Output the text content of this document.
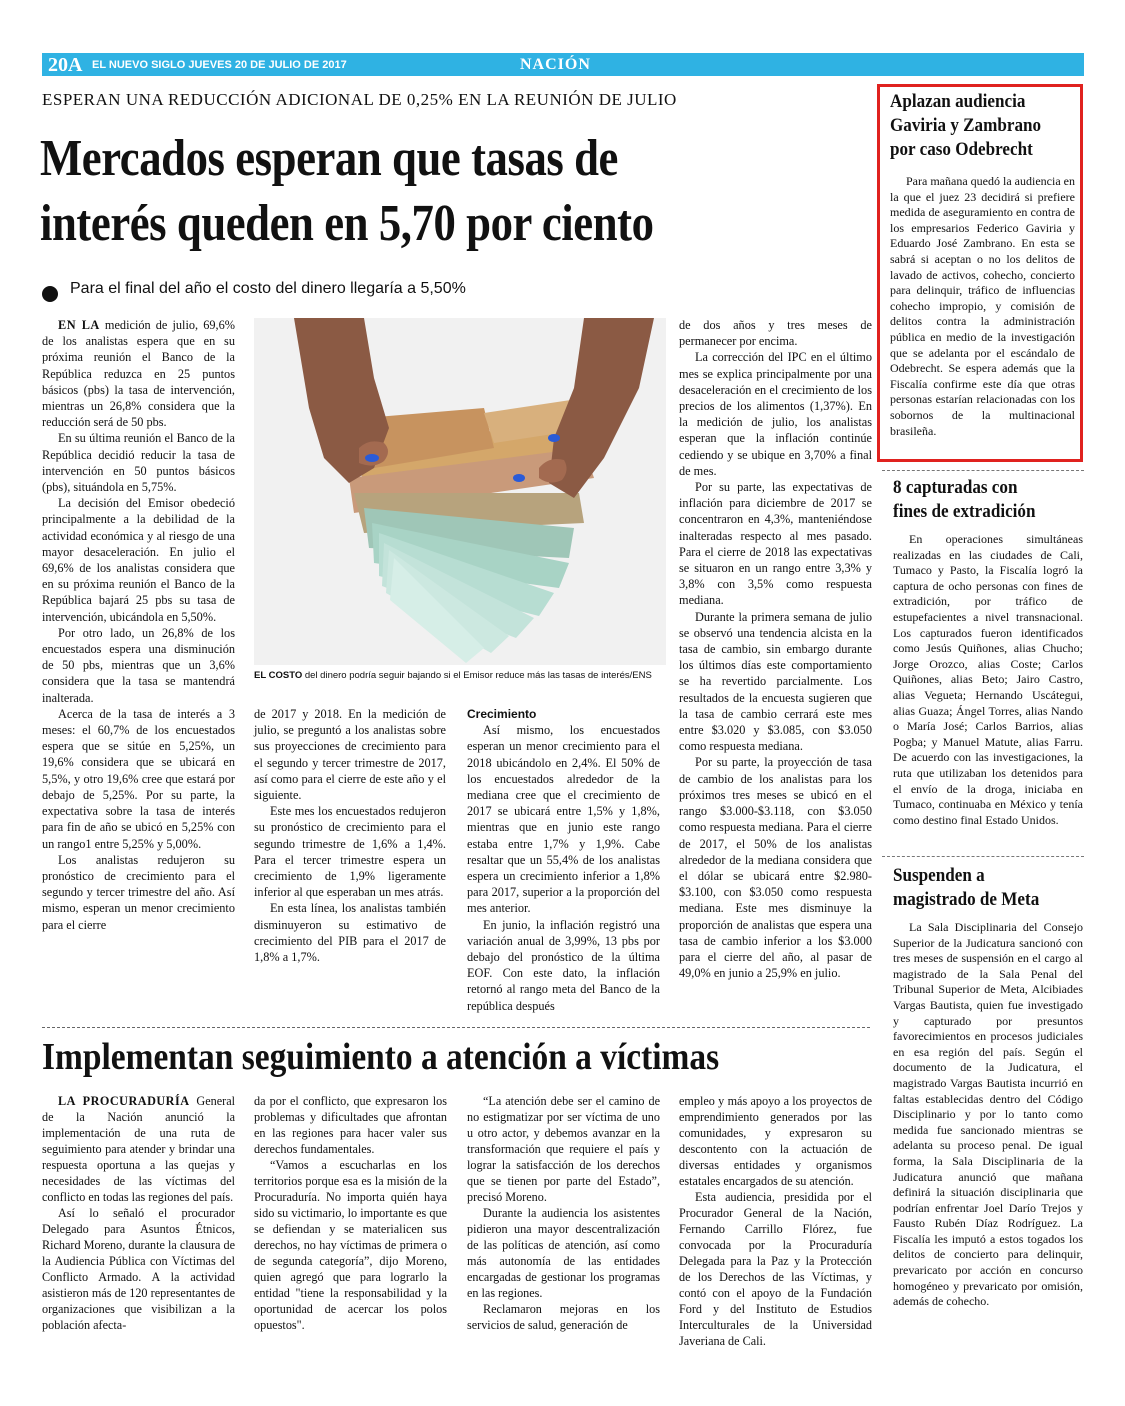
20A EL NUEVO SIGLO JUEVES 20 DE JULIO DE 2017	NACIÓN
ESPERAN UNA REDUCCIÓN ADICIONAL DE 0,25% EN LA REUNIÓN DE JULIO
Mercados esperan que tasas de
interés queden en 5,70 por ciento
Para el final del año el costo del dinero llegaría a 5,50%

EN LA medición de julio, 69,6% de los analistas espera que en su próxima reunión el Banco de la República reduzca en 25 puntos básicos (pbs) la tasa de intervención, mientras un 26,8% considera que la reducción será de 50 pbs.

En su última reunión el Banco de la República decidió reducir la tasa de intervención en 50 puntos básicos (pbs), situándola en 5,75%.

La decisión del Emisor obedeció principalmente a la debilidad de la actividad económica y al riesgo de una mayor desaceleración. En julio el 69,6% de los analistas considera que en su próxima reunión el Banco de la República bajará 25 pbs su tasa de intervención, ubicándola en 5,50%.

Por otro lado, un 26,8% de los encuestados espera una disminución de 50 pbs, mientras que un 3,6% considera que la tasa se mantendrá inalterada.

Acerca de la tasa de interés a 3 meses: el 60,7% de los encuestados espera que se sitúe en 5,25%, un 19,6% considera que se ubicará en 5,5%, y otro 19,6% cree que estará por debajo de 5,25%. Por su parte, la expectativa sobre la tasa de interés para fin de año se ubicó en 5,25% con un rango1 entre 5,25% y 5,00%.

Los analistas redujeron su pronóstico de crecimiento para el segundo y tercer trimestre del año. Así mismo, esperan un menor crecimiento para el cierre

EL COSTO del dinero podría seguir bajando si el Emisor reduce más las tasas de interés/ENS

de 2017 y 2018. En la medición de julio, se preguntó a los analistas sobre sus proyecciones de crecimiento para el segundo y tercer trimestre de 2017, así como para el cierre de este año y el siguiente.

Este mes los encuestados redujeron su pronóstico de crecimiento para el segundo trimestre de 1,6% a 1,4%. Para el tercer trimestre espera un crecimiento de 1,9% ligeramente inferior al que esperaban un mes atrás.

En esta línea, los analistas también disminuyeron su estimativo de crecimiento del PIB para el 2017 de 1,8% a 1,7%.

Crecimiento

Así mismo, los encuestados esperan un menor crecimiento para el 2018 ubicándolo en 2,4%. El 50% de los encuestados alrededor de la mediana cree que el crecimiento de 2017 se ubicará entre 1,5% y 1,8%, mientras que en junio este rango estaba entre 1,7% y 1,9%. Cabe resaltar que un 55,4% de los analistas espera un crecimiento inferior a 1,8% para 2017, superior a la proporción del mes anterior.

En junio, la inflación registró una variación anual de 3,99%, 13 pbs por debajo del pronóstico de la última EOF. Con este dato, la inflación retornó al rango meta del Banco de la república después

de dos años y tres meses de permanecer por encima.

La corrección del IPC en el último mes se explica principalmente por una desaceleración en el crecimiento de los precios de los alimentos (1,37%). En la medición de julio, los analistas esperan que la inflación continúe cediendo y se ubique en 3,70% a final de mes.

Por su parte, las expectativas de inflación para diciembre de 2017 se concentraron en 4,3%, manteniéndose inalteradas respecto al mes pasado. Para el cierre de 2018 las expectativas se situaron en un rango entre 3,3% y 3,8% con 3,5% como respuesta mediana.

Durante la primera semana de julio se observó una tendencia alcista en la tasa de cambio, sin embargo durante los últimos días este comportamiento se ha revertido parcialmente. Los resultados de la encuesta sugieren que la tasa de cambio cerrará este mes entre $3.020 y $3.085, con $3.050 como respuesta mediana.

Por su parte, la proyección de tasa de cambio de los analistas para los próximos tres meses se ubicó en el rango $3.000-$3.118, con $3.050 como respuesta mediana. Para el cierre de 2017, el 50% de los analistas alrededor de la mediana considera que el dólar se ubicará entre $2.980- $3.100, con $3.050 como respuesta mediana. Este mes disminuye la proporción de analistas que espera una tasa de cambio inferior a los $3.000 para el cierre del año, al pasar de 49,0% en junio a 25,9% en julio.

Implementan seguimiento a atención a víctimas

LA PROCURADURÍA General de la Nación anunció la implementación de una ruta de seguimiento para atender y brindar una respuesta oportuna a las quejas y necesidades de las víctimas del conflicto en todas las regiones del país.

Así lo señaló el procurador Delegado para Asuntos Étnicos, Richard Moreno, durante la clausura de la Audiencia Pública con Víctimas del Conflicto Armado. A la actividad asistieron más de 120 representantes de organizaciones que visibilizan a la población afecta-

da por el conflicto, que expresaron los problemas y dificultades que afrontan en las regiones para hacer valer sus derechos fundamentales.

“Vamos a escucharlas en los territorios porque esa es la misión de la Procuraduría. No importa quién haya sido su victimario, lo importante es que se defiendan y se materialicen sus derechos, no hay víctimas de primera o de segunda categoría”, dijo Moreno, quien agregó que para lograrlo la entidad "tiene la responsabilidad y la oportunidad de acercar los polos opuestos".

“La atención debe ser el camino de no estigmatizar por ser víctima de uno u otro actor, y debemos avanzar en la transformación que requiere el país y lograr la satisfacción de los derechos que se tienen por parte del Estado”, precisó Moreno.

Durante la audiencia los asistentes pidieron una mayor descentralización de las políticas de atención, así como más autonomía de las entidades encargadas de gestionar los programas en las regiones.

Reclamaron mejoras en los servicios de salud, generación de

empleo y más apoyo a los proyectos de emprendimiento generados por las comunidades, y expresaron su descontento con la actuación de diversas entidades y organismos estatales encargados de su atención.

Esta audiencia, presidida por el Procurador General de la Nación, Fernando Carrillo Flórez, fue convocada por la Procuraduría Delegada para la Paz y la Protección de los Derechos de las Víctimas, y contó con el apoyo de la Fundación Ford y del Instituto de Estudios Interculturales de la Universidad Javeriana de Cali.

Aplazan audiencia
Gaviria y Zambrano
por caso Odebrecht

Para mañana quedó la audiencia en la que el juez 23 decidirá si prefiere medida de aseguramiento en contra de los empresarios Federico Gaviria y Eduardo José Zambrano. En esta se sabrá si aceptan o no los delitos de lavado de activos, cohecho, concierto para delinquir, tráfico de influencias cohecho impropio, y comisión de delitos contra la administración pública en medio de la investigación que se adelanta por el escándalo de Odebrecht. Se espera además que la Fiscalía confirme este día que otras personas estarían relacionadas con los sobornos de la multinacional brasileña.

8 capturadas con
fines de extradición

En operaciones simultáneas realizadas en las ciudades de Cali, Tumaco y Pasto, la Fiscalía logró la captura de ocho personas con fines de extradición, por tráfico de estupefacientes a nivel transnacional. Los capturados fueron identificados como Jesús Quiñones, alias Chucho; Jorge Orozco, alias Coste; Carlos Quiñones, alias Beto; Jairo Castro, alias Vegueta; Hernando Uscátegui, alias Guaza; Ángel Torres, alias Nando o María José; Carlos Barrios, alias Pogba; y Manuel Matute, alias Farru. De acuerdo con las investigaciones, la ruta que utilizaban los detenidos para el envío de la droga, iniciaba en Tumaco, continuaba en México y tenía como destino final Estado Unidos.

Suspenden a
magistrado de Meta

La Sala Disciplinaria del Consejo Superior de la Judicatura sancionó con tres meses de suspensión en el cargo al magistrado de la Sala Penal del Tribunal Superior de Meta, Alcibiades Vargas Bautista, quien fue investigado y capturado por presuntos favorecimientos en procesos judiciales en esa región del país. Según el documento de la Judicatura, el magistrado Vargas Bautista incurrió en faltas establecidas dentro del Código Disciplinario y por lo tanto como medida fue sancionado mientras se adelanta su proceso penal. De igual forma, la Sala Disciplinaria de la Judicatura anunció que mañana definirá la situación disciplinaria que podrían enfrentar Joel Darío Trejos y Fausto Rubén Díaz Rodríguez. La Fiscalía les imputó a estos togados los delitos de concierto para delinquir, prevaricato por acción en concurso homogéneo y prevaricato por omisión, además de cohecho.
